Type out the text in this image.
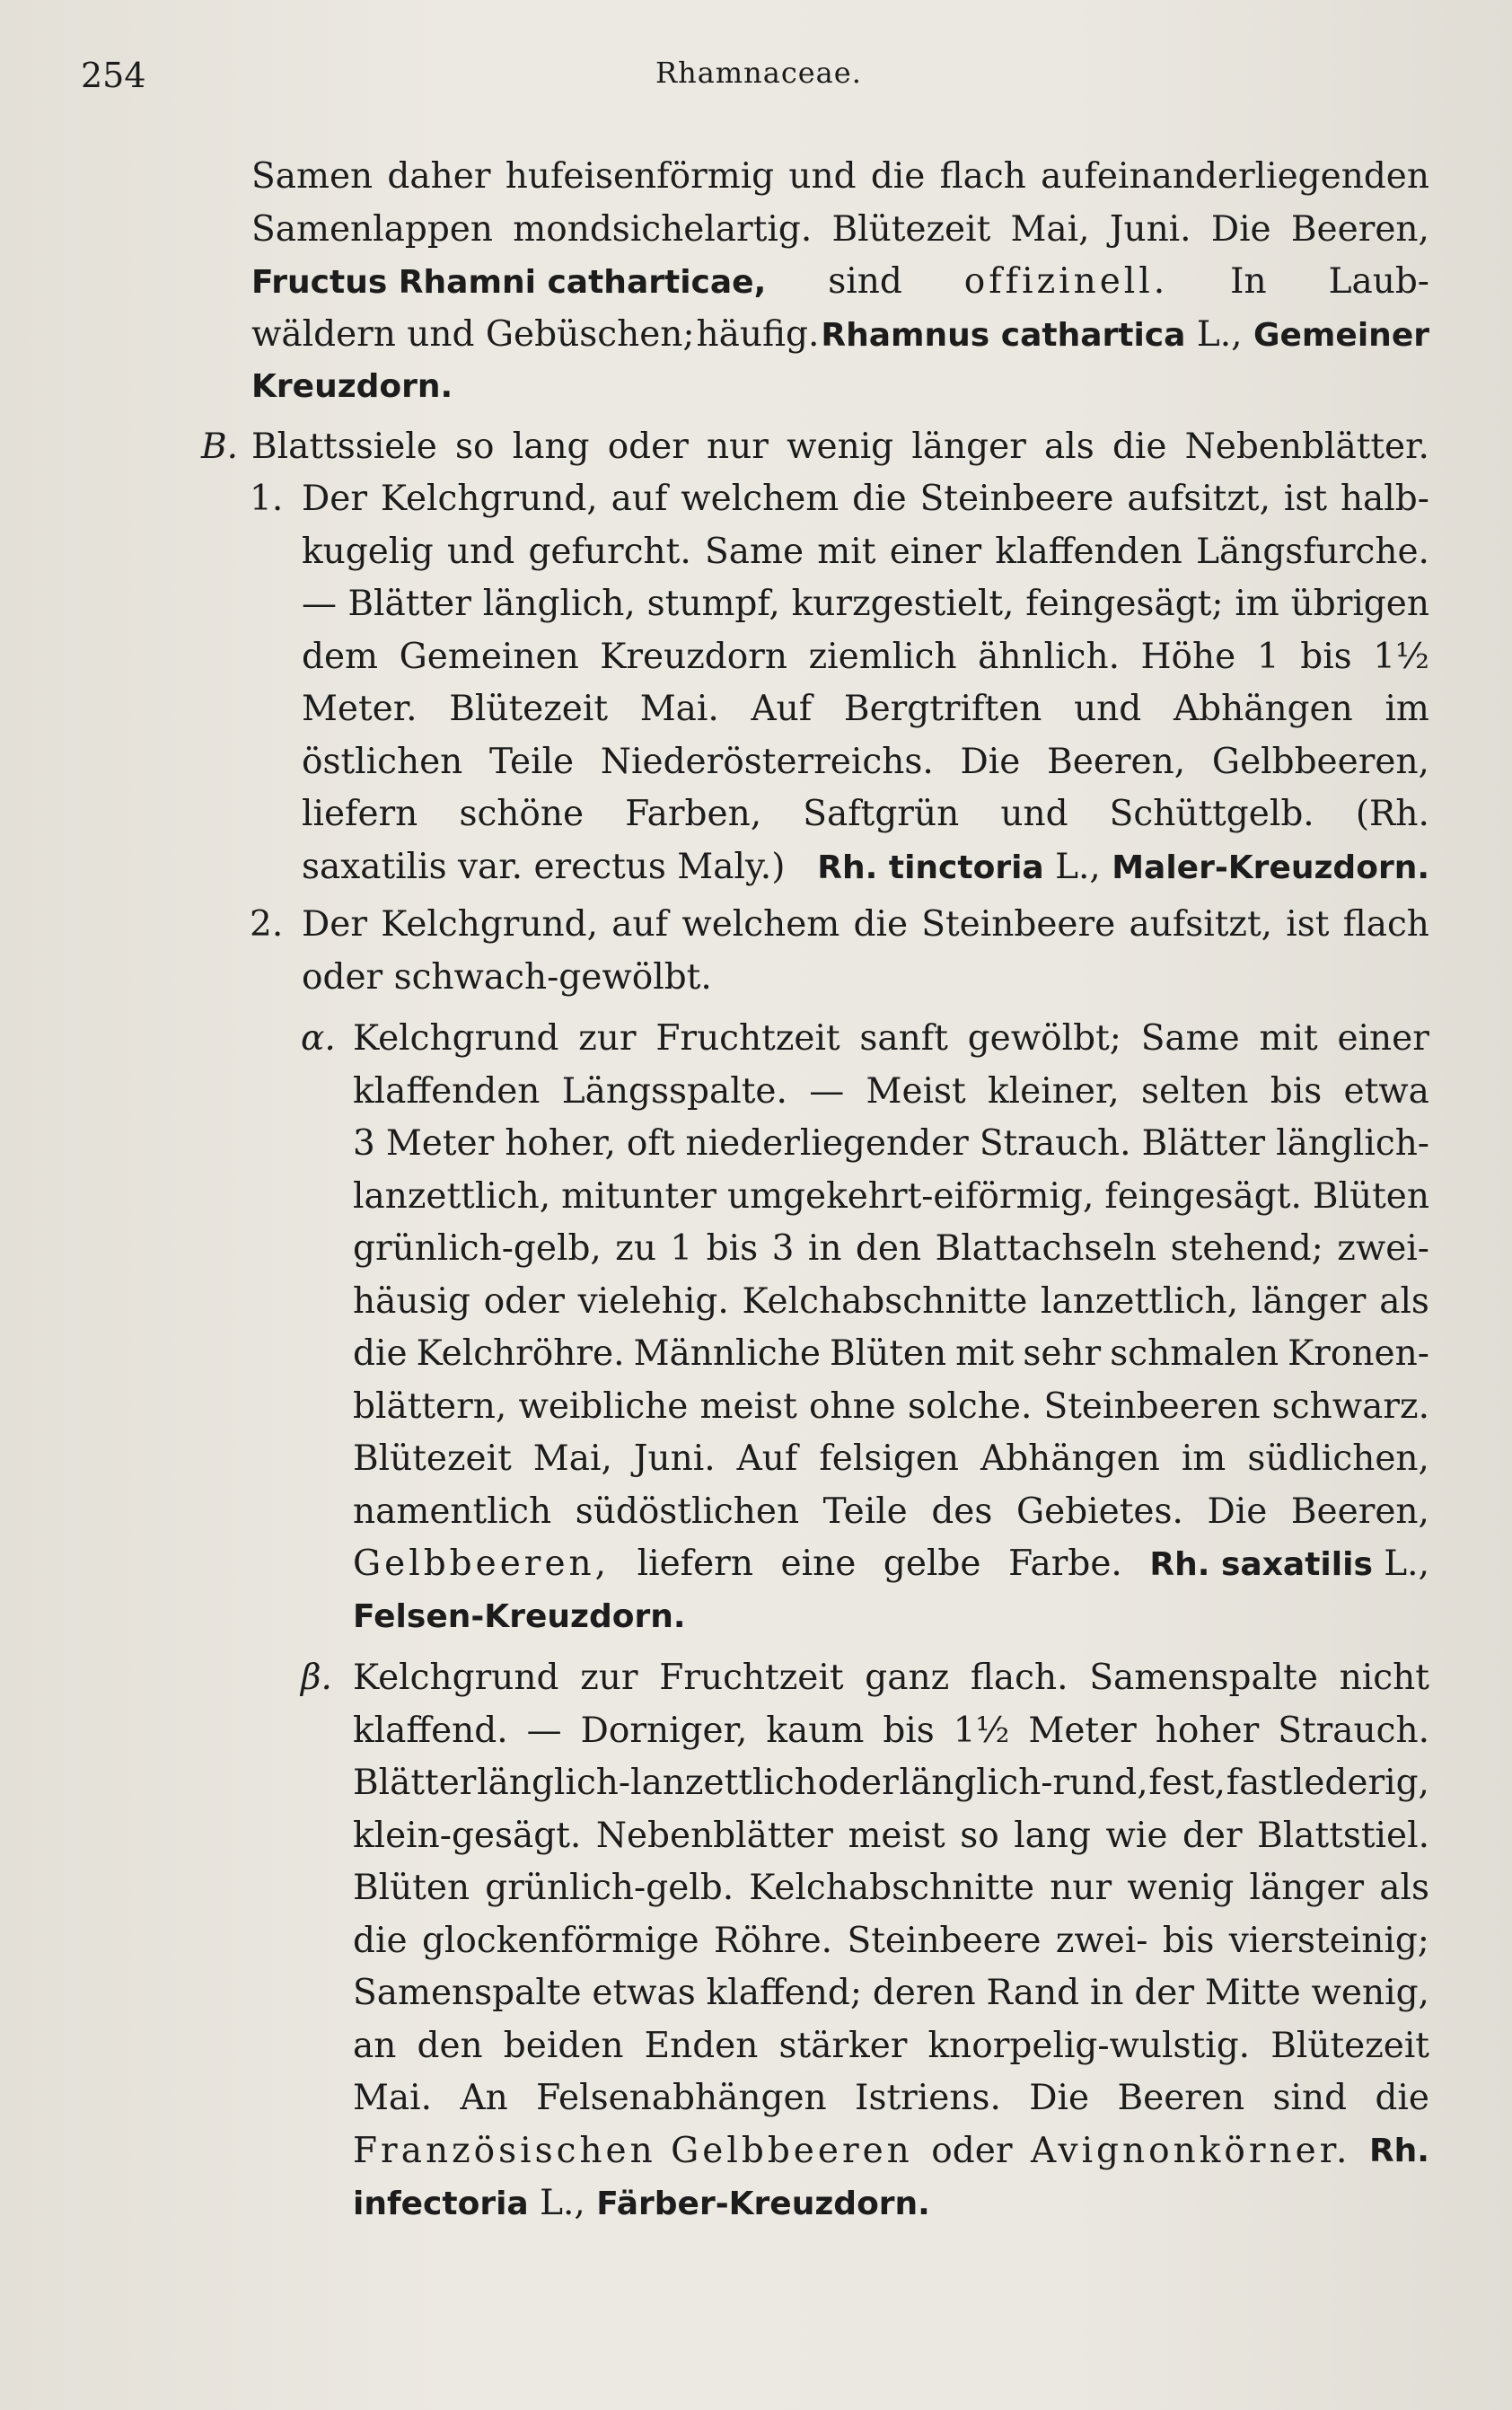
254	Rhamnaceae.
Samen daher hufeisenförmig und die flach aufeinanderliegenden
Samenlappen mondsichelartig. Blütezeit Mai, Juni. Die Beeren,
Fructus Rhamni catharticae, sind offizinell. In Laub-
wäldern und Gebüschen; häufig. Rhamnus cathartica L., Gemeiner
Kreuzdorn.
B. Blattssiele so lang oder nur wenig länger als die Nebenblätter.
1. Der Kelchgrund, auf welchem die Steinbeere aufsitzt, ist halb-
kugelig und gefurcht. Same mit einer klaffenden Längsfurche.
— Blätter länglich, stumpf, kurzgestielt, feingesägt; im übrigen
dem Gemeinen Kreuzdorn ziemlich ähnlich. Höhe 1 bis 1½
Meter. Blütezeit Mai. Auf Bergtriften und Abhängen im
östlichen Teile Niederösterreichs. Die Beeren, Gelbbeeren,
liefern schöne Farben, Saftgrün und Schüttgelb. (Rh.
saxatilis var. erectus Maly.) Rh. tinctoria L., Maler-Kreuzdorn.
2. Der Kelchgrund, auf welchem die Steinbeere aufsitzt, ist flach
oder schwach-gewölbt.
α. Kelchgrund zur Fruchtzeit sanft gewölbt; Same mit einer
klaffenden Längsspalte. — Meist kleiner, selten bis etwa
3 Meter hoher, oft niederliegender Strauch. Blätter länglich-
lanzettlich, mitunter umgekehrt-eiförmig, feingesägt. Blüten
grünlich-gelb, zu 1 bis 3 in den Blattachseln stehend; zwei-
häusig oder vielehig. Kelchabschnitte lanzettlich, länger als
die Kelchröhre. Männliche Blüten mit sehr schmalen Kronen-
blättern, weibliche meist ohne solche. Steinbeeren schwarz.
Blütezeit Mai, Juni. Auf felsigen Abhängen im südlichen,
namentlich südöstlichen Teile des Gebietes. Die Beeren,
Gelbbeeren, liefern eine gelbe Farbe. Rh. saxatilis L.,
Felsen-Kreuzdorn.
β. Kelchgrund zur Fruchtzeit ganz flach. Samenspalte nicht
klaffend. — Dorniger, kaum bis 1½ Meter hoher Strauch.
Blätter länglich-lanzettlich oder länglich-rund, fest, fast lederig,
klein-gesägt. Nebenblätter meist so lang wie der Blattstiel.
Blüten grünlich-gelb. Kelchabschnitte nur wenig länger als
die glockenförmige Röhre. Steinbeere zwei- bis viersteinig;
Samenspalte etwas klaffend; deren Rand in der Mitte wenig,
an den beiden Enden stärker knorpelig-wulstig. Blütezeit
Mai. An Felsenabhängen Istriens. Die Beeren sind die
Französischen Gelbbeeren oder Avignonkörner. Rh.
infectoria L., Färber-Kreuzdorn.
